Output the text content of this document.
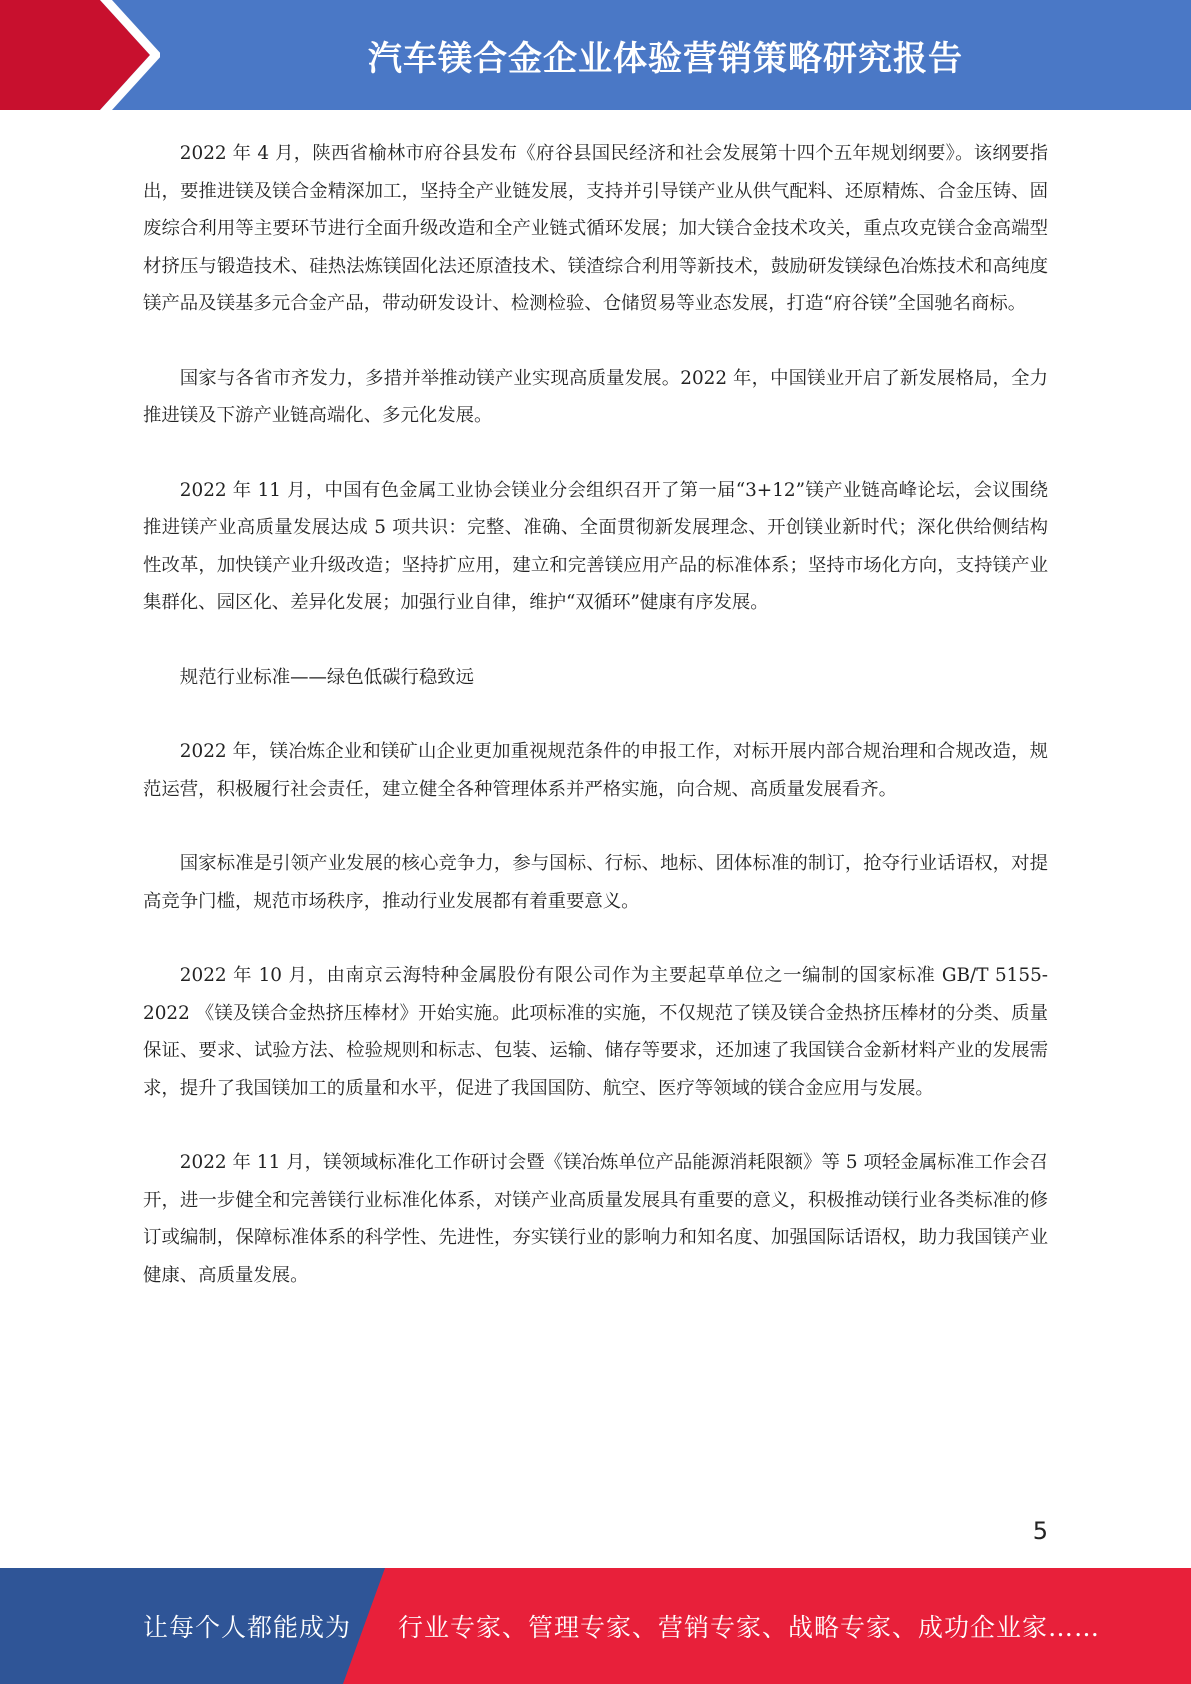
汽车镁合金企业体验营销策略研究报告

2022 年 4 月，陕西省榆林市府谷县发布《府谷县国民经济和社会发展第十四个五年规划纲要》。该纲要指出，要推进镁及镁合金精深加工，坚持全产业链发展，支持并引导镁产业从供气配料、还原精炼、合金压铸、固废综合利用等主要环节进行全面升级改造和全产业链式循环发展；加大镁合金技术攻关，重点攻克镁合金高端型材挤压与锻造技术、硅热法炼镁固化法还原渣技术、镁渣综合利用等新技术，鼓励研发镁绿色冶炼技术和高纯度镁产品及镁基多元合金产品，带动研发设计、检测检验、仓储贸易等业态发展，打造“府谷镁”全国驰名商标。

国家与各省市齐发力，多措并举推动镁产业实现高质量发展。2022 年，中国镁业开启了新发展格局，全力推进镁及下游产业链高端化、多元化发展。

2022 年 11 月，中国有色金属工业协会镁业分会组织召开了第一届“3+12”镁产业链高峰论坛，会议围绕推进镁产业高质量发展达成 5 项共识：完整、准确、全面贯彻新发展理念、开创镁业新时代；深化供给侧结构性改革，加快镁产业升级改造；坚持扩应用，建立和完善镁应用产品的标准体系；坚持市场化方向，支持镁产业集群化、园区化、差异化发展；加强行业自律，维护“双循环”健康有序发展。

规范行业标准——绿色低碳行稳致远

2022 年，镁冶炼企业和镁矿山企业更加重视规范条件的申报工作，对标开展内部合规治理和合规改造，规范运营，积极履行社会责任，建立健全各种管理体系并严格实施，向合规、高质量发展看齐。

国家标准是引领产业发展的核心竞争力，参与国标、行标、地标、团体标准的制订，抢夺行业话语权，对提高竞争门槛，规范市场秩序，推动行业发展都有着重要意义。

2022 年 10 月，由南京云海特种金属股份有限公司作为主要起草单位之一编制的国家标准 GB/T 5155-2022 《镁及镁合金热挤压棒材》开始实施。此项标准的实施，不仅规范了镁及镁合金热挤压棒材的分类、质量保证、要求、试验方法、检验规则和标志、包装、运输、储存等要求，还加速了我国镁合金新材料产业的发展需求，提升了我国镁加工的质量和水平，促进了我国国防、航空、医疗等领域的镁合金应用与发展。

2022 年 11 月，镁领域标准化工作研讨会暨《镁冶炼单位产品能源消耗限额》等 5 项轻金属标准工作会召开，进一步健全和完善镁行业标准化体系，对镁产业高质量发展具有重要的意义，积极推动镁行业各类标准的修订或编制，保障标准体系的科学性、先进性，夯实镁行业的影响力和知名度、加强国际话语权，助力我国镁产业健康、高质量发展。

5
让每个人都能成为 行业专家、管理专家、营销专家、战略专家、成功企业家……
